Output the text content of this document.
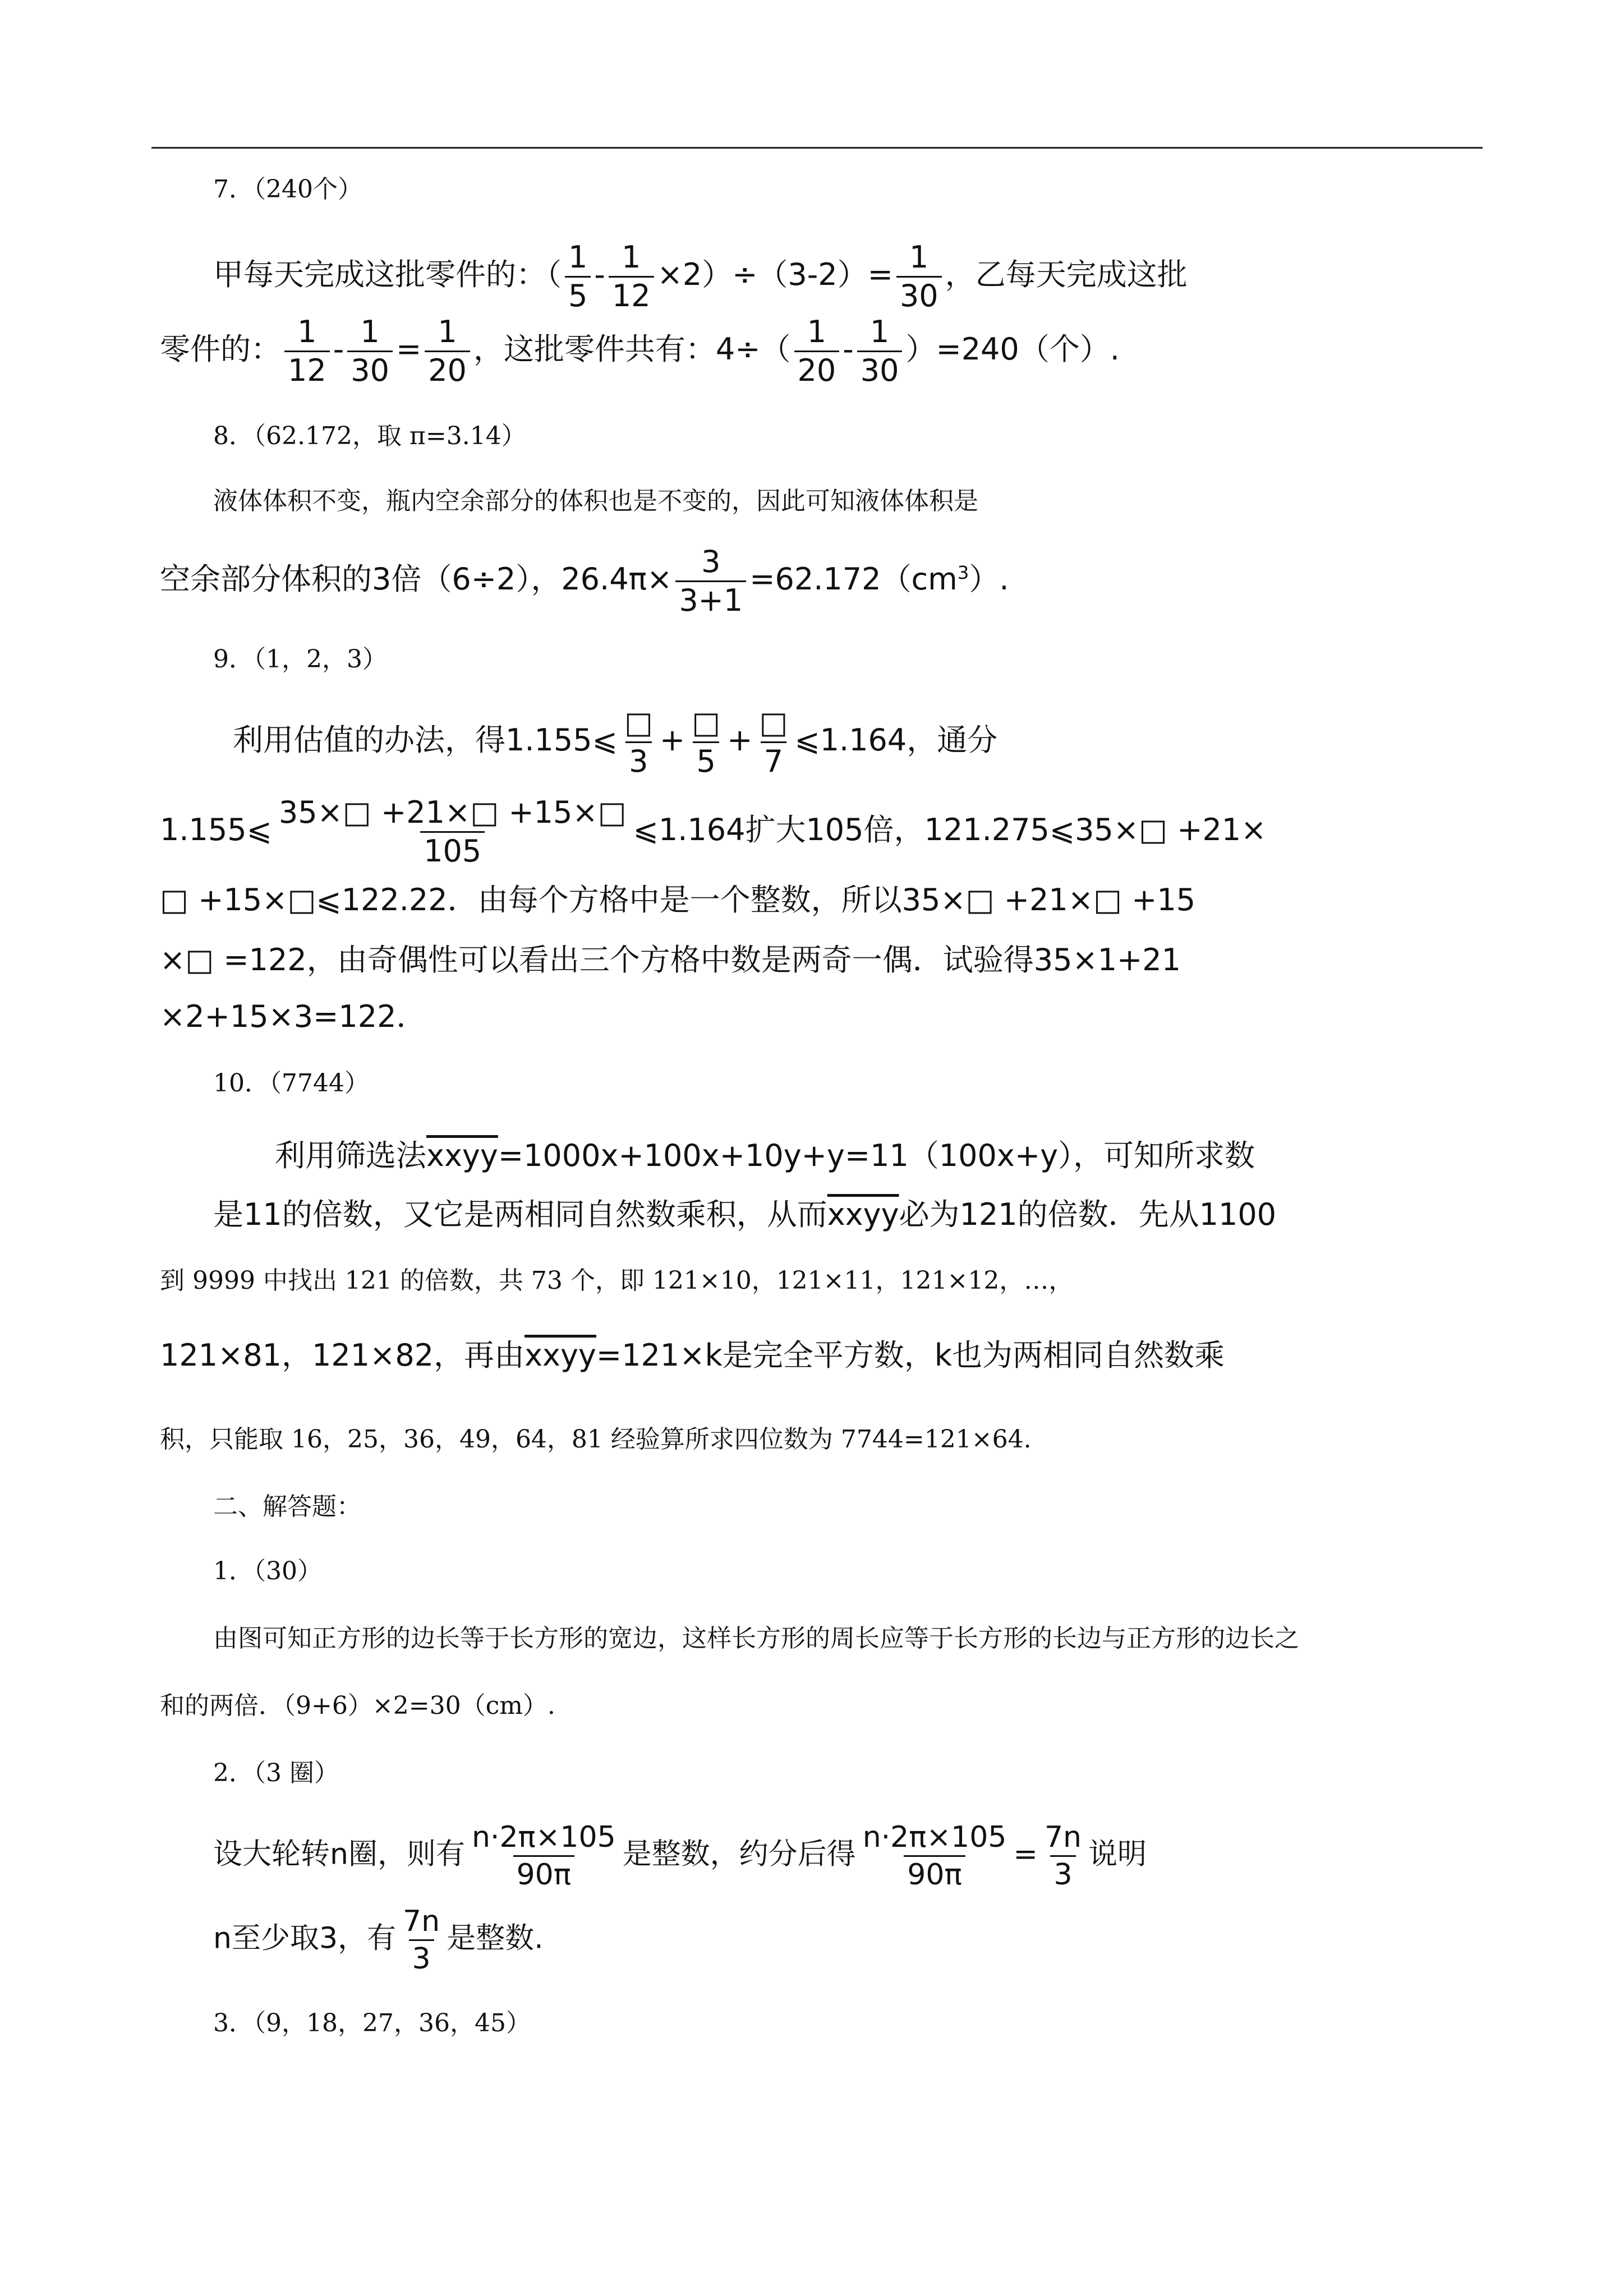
7．（240个）
甲每天完成这批零件的：（ $\frac{1}{5} - \frac{1}{12} \times 2)\div(3-2)= \frac{1}{30}$ ，乙每天完成这批
零件的： $\frac{1}{12} - \frac{1}{30} = \frac{1}{20}$ ，这批零件共有：$4\div( \frac{1}{20} - \frac{1}{30} )=240$（个）.
8．（62.172，取 π=3.14）
液体体积不变，瓶内空余部分的体积也是不变的，因此可知液体体积是
空余部分体积的3倍（6÷2），$26.4\pi\times \frac{3}{3+1} =62.172(cm^3)$.
9．（1，2，3）
利用估值的办法，得1.155⩽ $\frac{□}{3} + \frac{□}{5} + \frac{□}{7}$ ⩽1.164，通分
1.155⩽ $\frac{35\times□ +21\times□ +15\times□}{105}$ ⩽1.164扩大105倍，121.275⩽35×□ +21×
□ +15×□⩽122.22．由每个方格中是一个整数，所以35×□ +21×□ +15
×□ =122，由奇偶性可以看出三个方格中数是两奇一偶．试验得35×1+21
×2+15×3=122．
10．（7744）
利用筛选法xxyy=1000x+100x+10y+y=11（100x+y），可知所求数
是11的倍数，又它是两相同自然数乘积，从而xxyy必为121的倍数．先从1100
到 9999 中找出 121 的倍数，共 73 个，即 121×10，121×11，121×12，…，
121×81，121×82，再由xxyy=121×k是完全平方数，k也为两相同自然数乘
积，只能取 16，25，36，49，64，81 经验算所求四位数为 7744=121×64.
二、解答题：
1．（30）
由图可知正方形的边长等于长方形的宽边，这样长方形的周长应等于长方形的长边与正方形的边长之
和的两倍．（9+6）×2=30（cm）.
2．（3 圈）
设大轮转n圈，则有 $\frac{n\cdot 2\pi\times 105}{90\pi}$ 是整数，约分后得 $\frac{n\cdot 2\pi\times 105}{90\pi} = \frac{7n}{3}$ 说明
n至少取3，有 $\frac{7n}{3}$ 是整数.
3．（9，18，27，36，45）
